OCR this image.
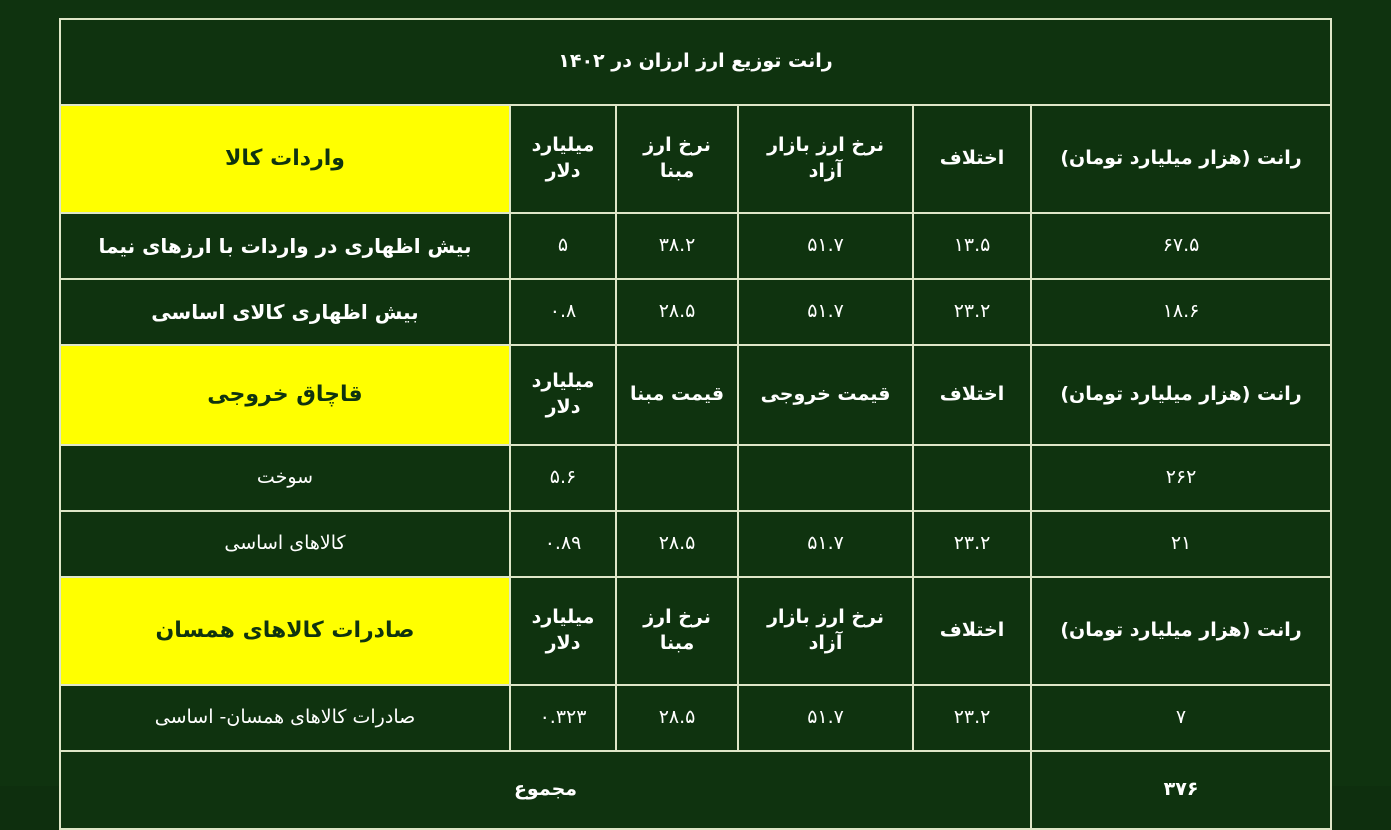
رانت توزیع ارز ارزان در ۱۴۰۲					
رانت (هزار میلیارد تومان)	اختلاف	نرخ ارز بازار آزاد	نرخ ارز مبنا	میلیارد دلار	واردات کالا
۶۷.۵	۱۳.۵	۵۱.۷	۳۸.۲	۵	بیش اظهاری در واردات با ارزهای نیما
۱۸.۶	۲۳.۲	۵۱.۷	۲۸.۵	۰.۸	بیش اظهاری کالای اساسی
رانت (هزار میلیارد تومان)	اختلاف	قیمت خروجی	قیمت مبنا	میلیارد دلار	قاچاق خروجی
۲۶۲				۵.۶	سوخت
۲۱	۲۳.۲	۵۱.۷	۲۸.۵	۰.۸۹	کالاهای اساسی
رانت (هزار میلیارد تومان)	اختلاف	نرخ ارز بازار آزاد	نرخ ارز مبنا	میلیارد دلار	صادرات کالاهای همسان
۷	۲۳.۲	۵۱.۷	۲۸.۵	۰.۳۲۳	صادرات کالاهای همسان- اساسی
۳۷۶	مجموع				
